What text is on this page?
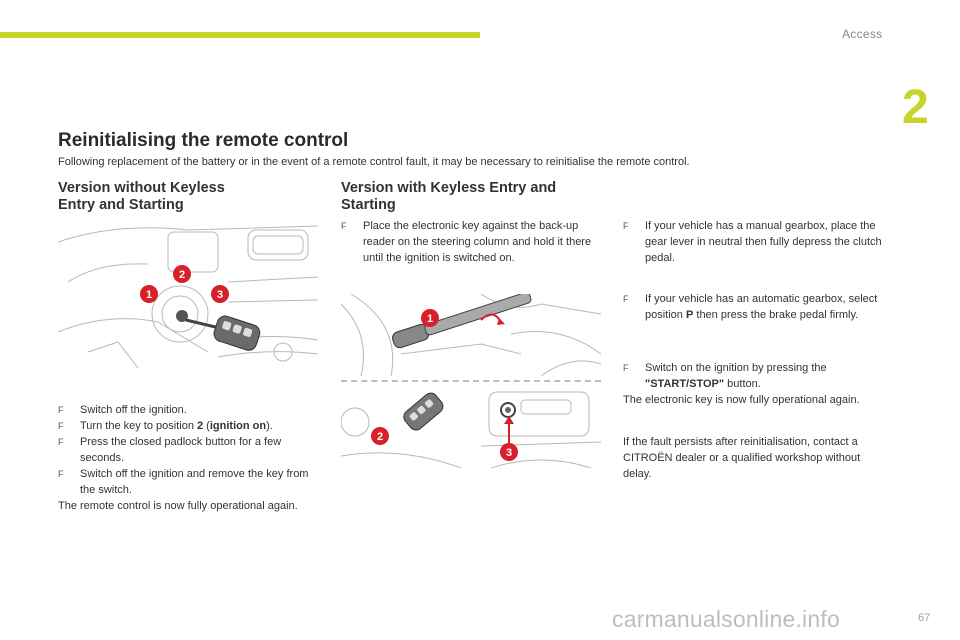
Access
2
Reinitialising the remote control
Following replacement of the battery or in the event of a remote control fault, it may be necessary to reinitialise the remote control.
Version without Keyless
Entry and Starting
1
2
3
F Switch off the ignition.
F Turn the key to position 2 (ignition on).
F Press the closed padlock button for a few seconds.
F Switch off the ignition and remove the key from the switch.
The remote control is now fully operational again.
Version with Keyless Entry and
Starting
F Place the electronic key against the back-up reader on the steering column and hold it there until the ignition is switched on.
1
2
3
F If your vehicle has a manual gearbox, place the gear lever in neutral then fully depress the clutch pedal.
F If your vehicle has an automatic gearbox, select position P then press the brake pedal firmly.
F Switch on the ignition by pressing the "START/STOP" button.
The electronic key is now fully operational again.
If the fault persists after reinitialisation, contact a CITROËN dealer or a qualified workshop without delay.
carmanualsonline.info	67
